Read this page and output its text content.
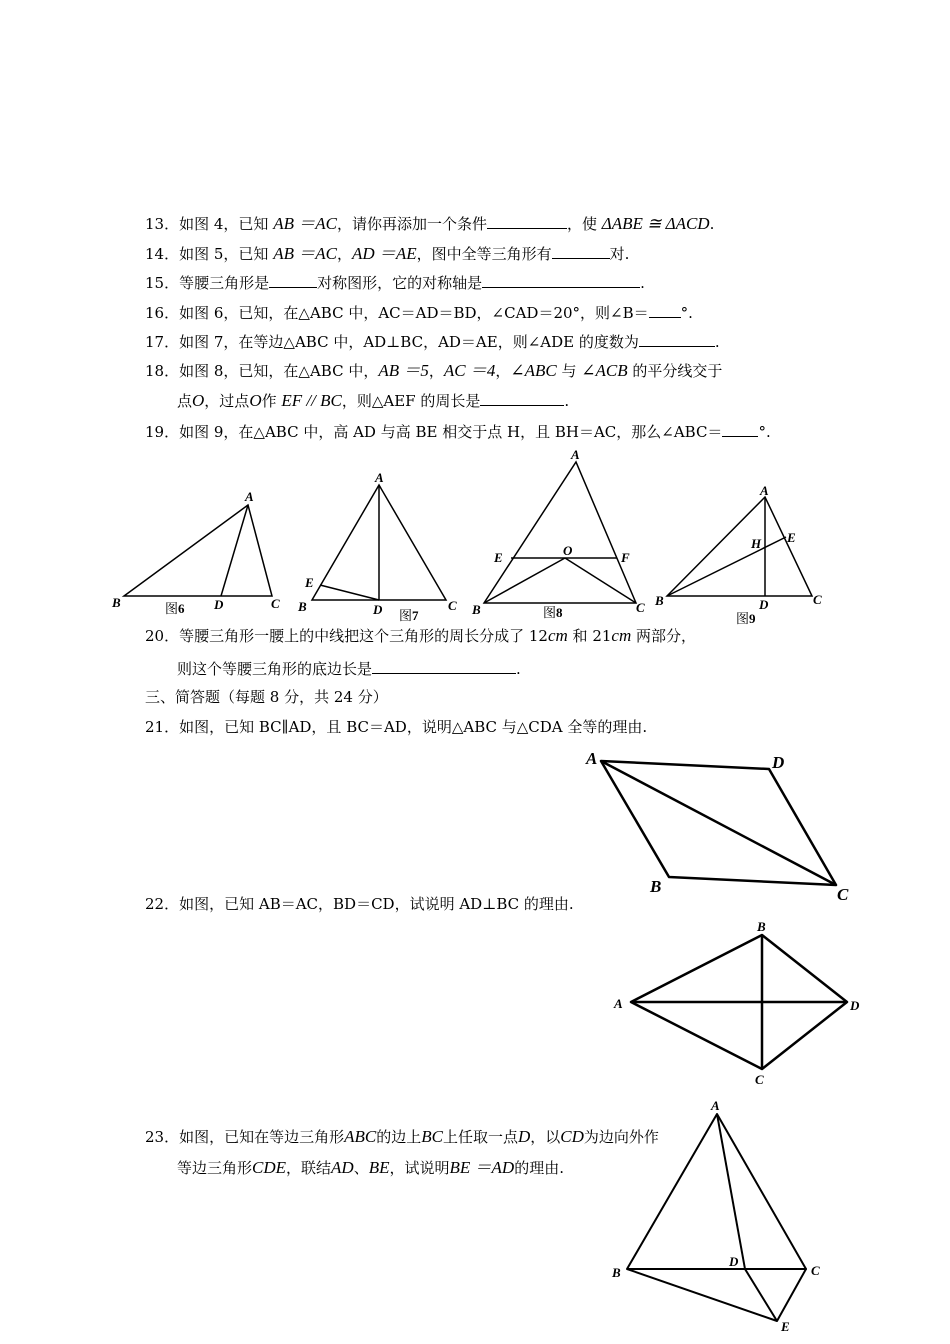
13．如图 4，已知 AB ＝AC，请你再添加一个条件	，使 ΔABE ≅ ΔACD.
14．如图 5，已知 AB ＝AC，AD ＝AE，图中全等三角形有	对.
15．等腰三角形是	对称图形，它的对称轴是	.
16．如图 6，已知，在△ABC 中，AC＝AD＝BD，∠CAD＝20°，则∠B＝ °.
17．如图 7，在等边△ABC 中，AD⊥BC，AD＝AE，则∠ADE 的度数为	.
18．如图 8，已知，在△ABC 中，AB ＝5，AC ＝4，∠ABC 与 ∠ACB 的平分线交于
点O，过点O作 EF // BC，则△AEF 的周长是	.
19．如图 9，在△ABC 中，高 AD 与高 BE 相交于点 H，且 BH＝AC，那么∠ABC＝ °.
A
B	C
D
图6
A
B	C
D
E
图7
A
B	C
E	F
O
图8
A
B	C
D
E
H
图9
A	D
B	C
B
A	D
C
20．等腰三角形一腰上的中线把这个三角形的周长分成了 12cm 和 21cm 两部分，
则这个等腰三角形的底边长是	.
三、简答题（每题 8 分，共 24 分）
21．如图，已知 BC∥AD，且 BC＝AD，说明△ABC 与△CDA 全等的理由.
22．如图，已知 AB＝AC，BD＝CD，试说明 AD⊥BC 的理由.
23．如图，已知在等边三角形ABC的边上BC上任取一点D，以CD为边向外作
等边三角形CDE，联结AD、BE，试说明BE ＝AD的理由.
A
B	C
D
E
